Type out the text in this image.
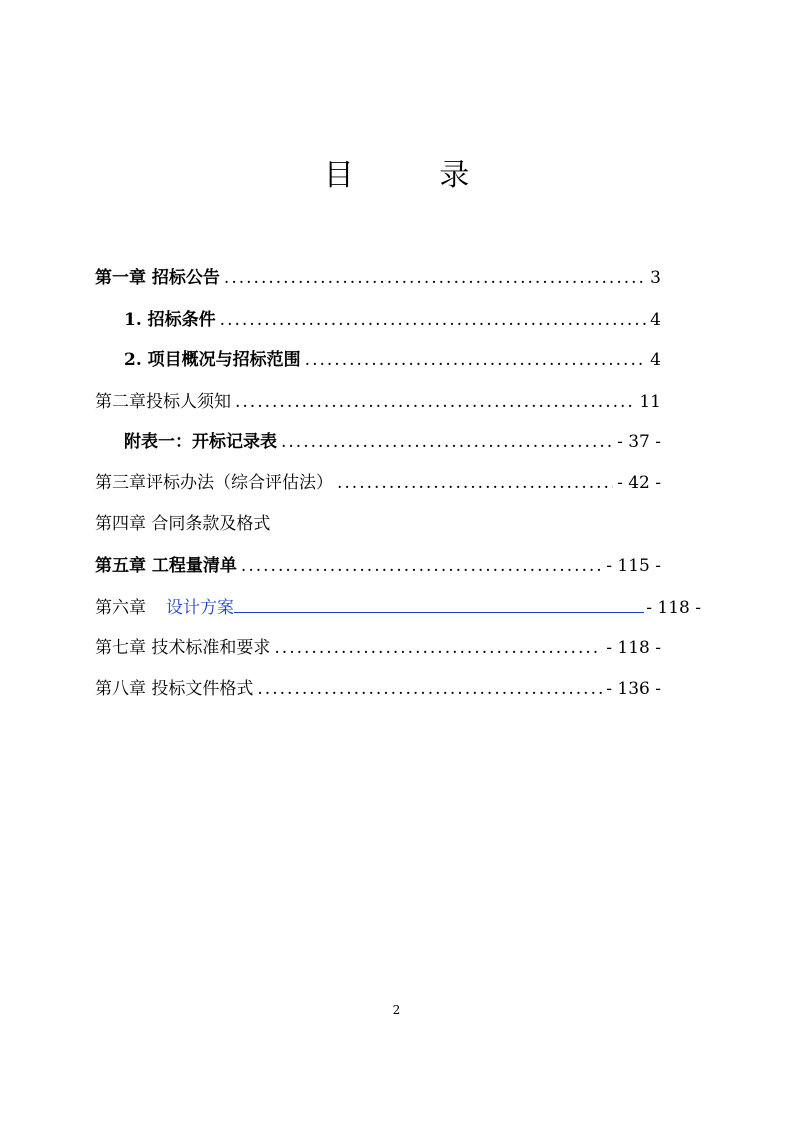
目 录
第一章 招标公告 .....	3
1. 招标条件 .....	4
2. 项目概况与招标范围 .....	4
第二章投标人须知 .....	11
附表一：开标记录表 .....	- 37 -
第三章评标办法（综合评估法） .....	- 42 -
第四章 合同条款及格式
第五章 工程量清单 .....	- 115 -
第六章 设计方案	- 118 -
第七章 技术标准和要求 .....	- 118 -
第八章 投标文件格式 .....	- 136 -
2
